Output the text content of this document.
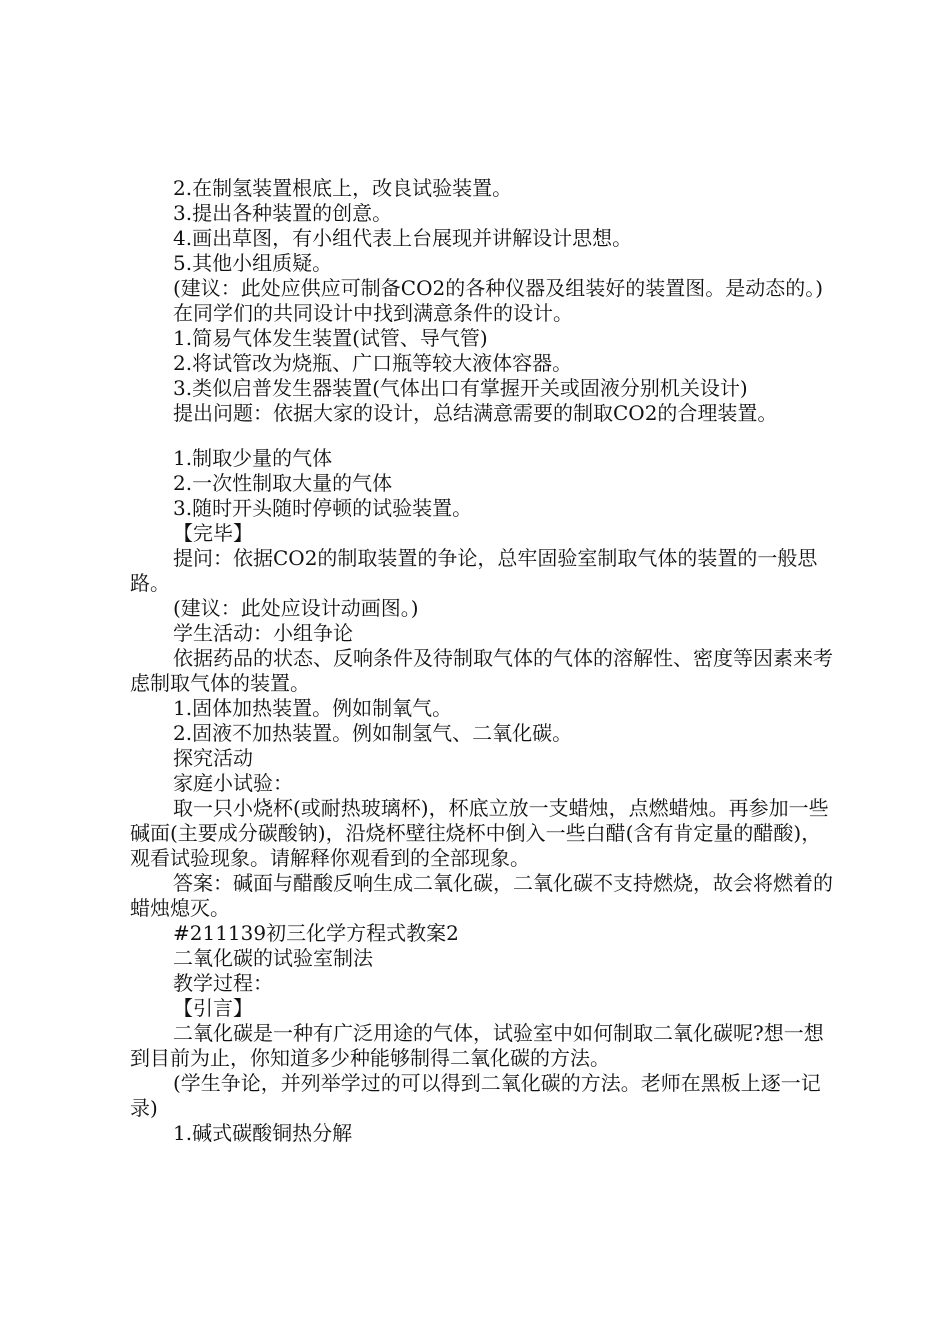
2.在制氢装置根底上，改良试验装置。

3.提出各种装置的创意。

4.画出草图，有小组代表上台展现并讲解设计思想。

5.其他小组质疑。

(建议：此处应供应可制备CO2的各种仪器及组装好的装置图。是动态的。)

在同学们的共同设计中找到满意条件的设计。

1.简易气体发生装置(试管、导气管)

2.将试管改为烧瓶、广口瓶等较大液体容器。

3.类似启普发生器装置(气体出口有掌握开关或固液分别机关设计)

提出问题：依据大家的设计，总结满意需要的制取CO2的合理装置。

1.制取少量的气体

2.一次性制取大量的气体

3.随时开头随时停顿的试验装置。

【完毕】

提问：依据CO2的制取装置的争论，总牢固验室制取气体的装置的一般思路。

(建议：此处应设计动画图。)

学生活动：小组争论

依据药品的状态、反响条件及待制取气体的气体的溶解性、密度等因素来考虑制取气体的装置。

1.固体加热装置。例如制氧气。

2.固液不加热装置。例如制氢气、二氧化碳。

探究活动

家庭小试验：

取一只小烧杯(或耐热玻璃杯)，杯底立放一支蜡烛，点燃蜡烛。再参加一些碱面(主要成分碳酸钠)，沿烧杯壁往烧杯中倒入一些白醋(含有肯定量的醋酸)，观看试验现象。请解释你观看到的全部现象。

答案：碱面与醋酸反响生成二氧化碳，二氧化碳不支持燃烧，故会将燃着的蜡烛熄灭。

#211139初三化学方程式教案2

二氧化碳的试验室制法

教学过程：

【引言】

二氧化碳是一种有广泛用途的气体，试验室中如何制取二氧化碳呢?想一想到目前为止，你知道多少种能够制得二氧化碳的方法。

(学生争论，并列举学过的可以得到二氧化碳的方法。老师在黑板上逐一记录)

1.碱式碳酸铜热分解
